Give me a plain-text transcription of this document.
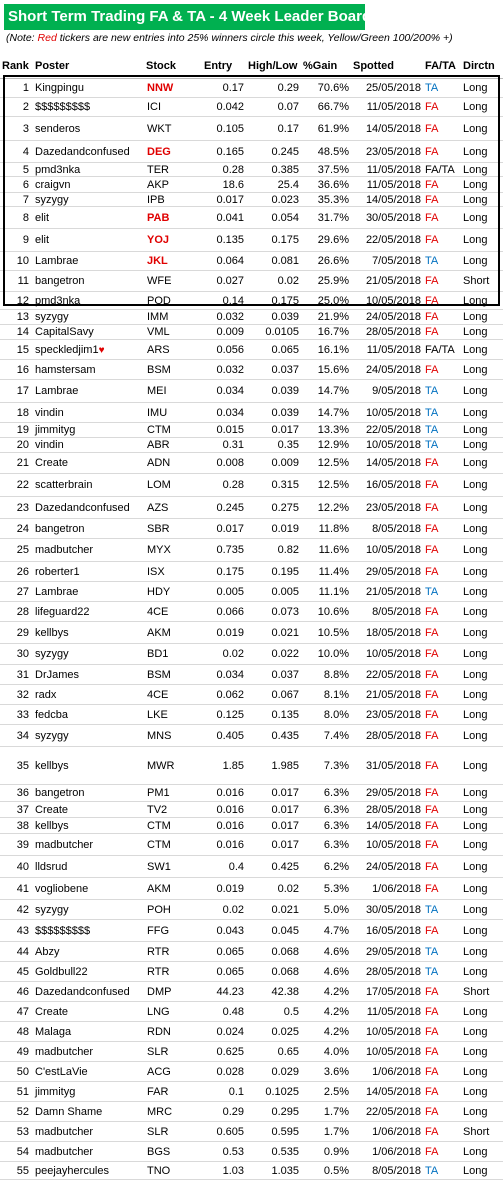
Short Term Trading FA & TA - 4 Week Leader Board
(Note: Red tickers are new entries into 25% winners circle this week, Yellow/Green 100/200% +)
Rank	Poster	Stock	Entry	High/Low	%Gain	Spotted	FA/TA	Dirctn
1	Kingpingu	NNW	0.17	0.29	70.6%	25/05/2018	TA	Long
2	$$$$$$$$$	ICI	0.042	0.07	66.7%	11/05/2018	FA	Long
3	senderos	WKT	0.105	0.17	61.9%	14/05/2018	FA	Long
4	Dazedandconfused	DEG	0.165	0.245	48.5%	23/05/2018	FA	Long
5	pmd3nka	TER	0.28	0.385	37.5%	11/05/2018	FA/TA	Long
6	craigvn	AKP	18.6	25.4	36.6%	11/05/2018	FA	Long
7	syzygy	IPB	0.017	0.023	35.3%	14/05/2018	FA	Long
8	elit	PAB	0.041	0.054	31.7%	30/05/2018	FA	Long
9	elit	YOJ	0.135	0.175	29.6%	22/05/2018	FA	Long
10	Lambrae	JKL	0.064	0.081	26.6%	7/05/2018	TA	Long
11	bangetron	WFE	0.027	0.02	25.9%	21/05/2018	FA	Short
12	pmd3nka	POD	0.14	0.175	25.0%	10/05/2018	FA	Long
13	syzygy	IMM	0.032	0.039	21.9%	24/05/2018	FA	Long
14	CapitalSavy	VML	0.009	0.0105	16.7%	28/05/2018	FA	Long
15	speckledjim1♥	ARS	0.056	0.065	16.1%	11/05/2018	FA/TA	Long
16	hamstersam	BSM	0.032	0.037	15.6%	24/05/2018	FA	Long
17	Lambrae	MEI	0.034	0.039	14.7%	9/05/2018	TA	Long
18	vindin	IMU	0.034	0.039	14.7%	10/05/2018	TA	Long
19	jimmityg	CTM	0.015	0.017	13.3%	22/05/2018	TA	Long
20	vindin	ABR	0.31	0.35	12.9%	10/05/2018	TA	Long
21	Create	ADN	0.008	0.009	12.5%	14/05/2018	FA	Long
22	scatterbrain	LOM	0.28	0.315	12.5%	16/05/2018	FA	Long
23	Dazedandconfused	AZS	0.245	0.275	12.2%	23/05/2018	FA	Long
24	bangetron	SBR	0.017	0.019	11.8%	8/05/2018	FA	Long
25	madbutcher	MYX	0.735	0.82	11.6%	10/05/2018	FA	Long
26	roberter1	ISX	0.175	0.195	11.4%	29/05/2018	FA	Long
27	Lambrae	HDY	0.005	0.005	11.1%	21/05/2018	TA	Long
28	lifeguard22	4CE	0.066	0.073	10.6%	8/05/2018	FA	Long
29	kellbys	AKM	0.019	0.021	10.5%	18/05/2018	FA	Long
30	syzygy	BD1	0.02	0.022	10.0%	10/05/2018	FA	Long
31	DrJames	BSM	0.034	0.037	8.8%	22/05/2018	FA	Long
32	radx	4CE	0.062	0.067	8.1%	21/05/2018	FA	Long
33	fedcba	LKE	0.125	0.135	8.0%	23/05/2018	FA	Long
34	syzygy	MNS	0.405	0.435	7.4%	28/05/2018	FA	Long
35	kellbys	MWR	1.85	1.985	7.3%	31/05/2018	FA	Long
36	bangetron	PM1	0.016	0.017	6.3%	29/05/2018	FA	Long
37	Create	TV2	0.016	0.017	6.3%	28/05/2018	FA	Long
38	kellbys	CTM	0.016	0.017	6.3%	14/05/2018	FA	Long
39	madbutcher	CTM	0.016	0.017	6.3%	10/05/2018	FA	Long
40	lldsrud	SW1	0.4	0.425	6.2%	24/05/2018	FA	Long
41	vogliobene	AKM	0.019	0.02	5.3%	1/06/2018	FA	Long
42	syzygy	POH	0.02	0.021	5.0%	30/05/2018	TA	Long
43	$$$$$$$$$	FFG	0.043	0.045	4.7%	16/05/2018	FA	Long
44	Abzy	RTR	0.065	0.068	4.6%	29/05/2018	TA	Long
45	Goldbull22	RTR	0.065	0.068	4.6%	28/05/2018	TA	Long
46	Dazedandconfused	DMP	44.23	42.38	4.2%	17/05/2018	FA	Short
47	Create	LNG	0.48	0.5	4.2%	11/05/2018	FA	Long
48	Malaga	RDN	0.024	0.025	4.2%	10/05/2018	FA	Long
49	madbutcher	SLR	0.625	0.65	4.0%	10/05/2018	FA	Long
50	C'estLaVie	ACG	0.028	0.029	3.6%	1/06/2018	FA	Long
51	jimmityg	FAR	0.1	0.1025	2.5%	14/05/2018	FA	Long
52	Damn Shame	MRC	0.29	0.295	1.7%	22/05/2018	FA	Long
53	madbutcher	SLR	0.605	0.595	1.7%	1/06/2018	FA	Short
54	madbutcher	BGS	0.53	0.535	0.9%	1/06/2018	FA	Long
55	peejayhercules	TNO	1.03	1.035	0.5%	8/05/2018	TA	Long
